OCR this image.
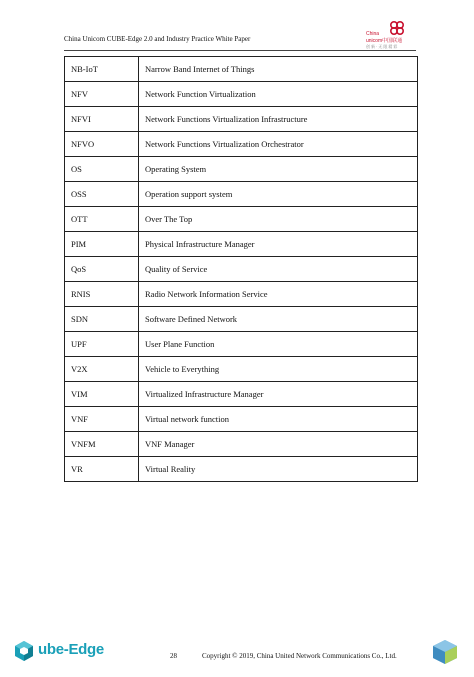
China Unicom CUBE-Edge 2.0 and Industry Practice White Paper
China
unicom中国联通
创新·无限精彩
NB-IoT	Narrow Band Internet of Things
NFV	Network Function Virtualization
NFVI	Network Functions Virtualization Infrastructure
NFVO	Network Functions Virtualization Orchestrator
OS	Operating System
OSS	Operation support system
OTT	Over The Top
PIM	Physical Infrastructure Manager
QoS	Quality of Service
RNIS	Radio Network Information Service
SDN	Software Defined Network
UPF	User Plane Function
V2X	Vehicle to Everything
VIM	Virtualized Infrastructure Manager
VNF	Virtual network function
VNFM	VNF Manager
VR	Virtual Reality
ube-Edge	28	Copyright © 2019, China United Network Communications Co., Ltd.
